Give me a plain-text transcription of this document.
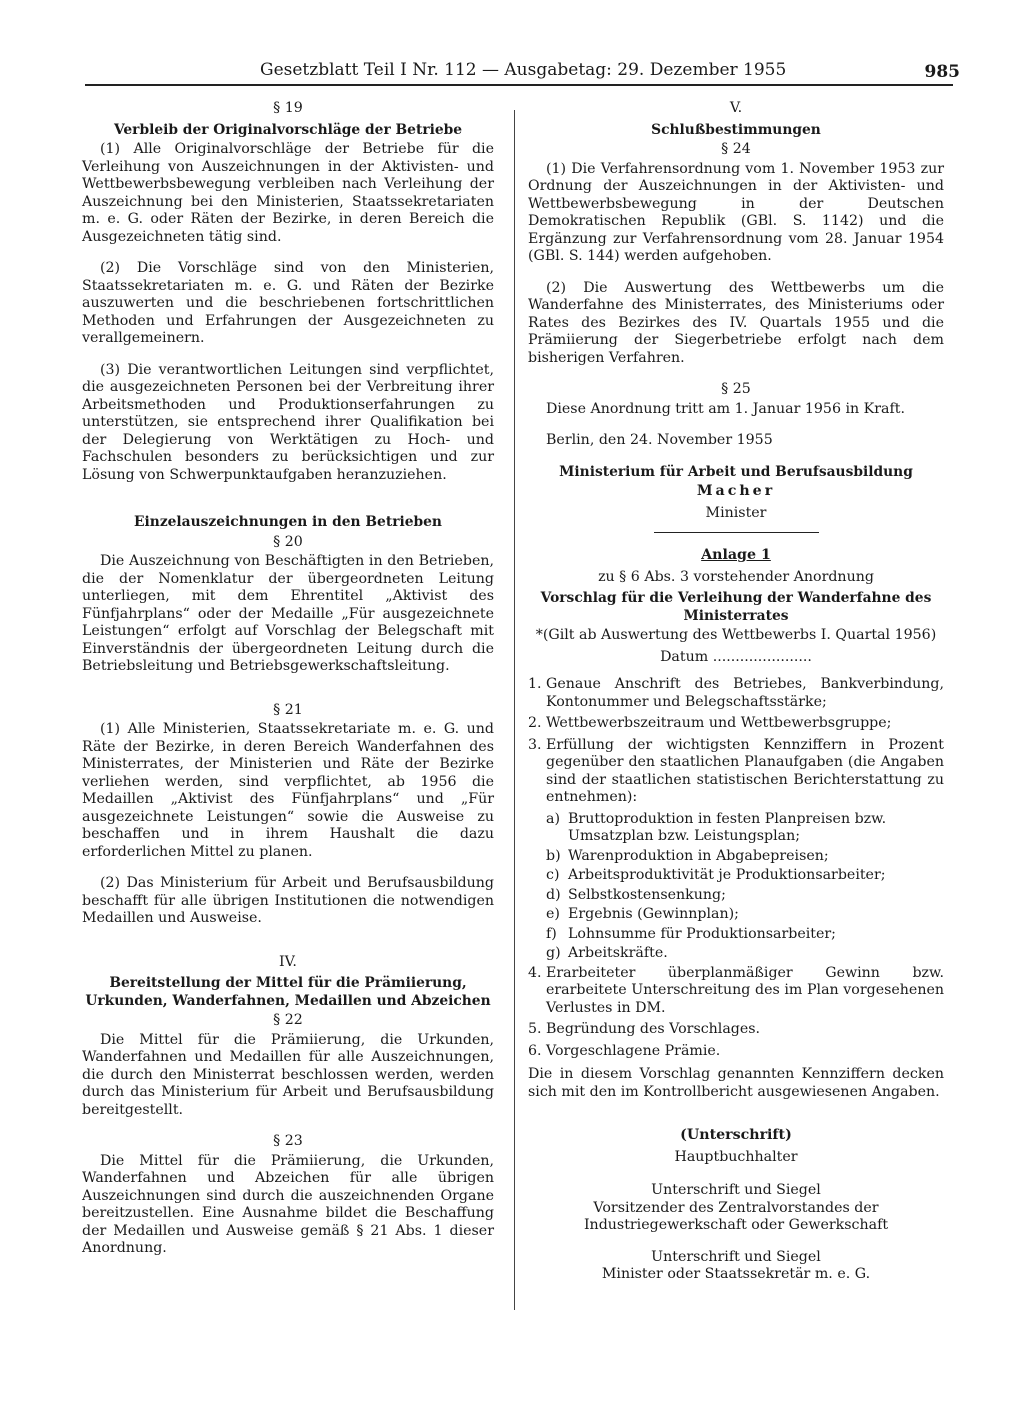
Gesetzblatt Teil I Nr. 112 — Ausgabetag: 29. Dezember 1955	985
§ 19
Verbleib der Originalvorschläge der Betriebe

(1) Alle Originalvorschläge der Betriebe für die Verleihung von Auszeichnungen in der Aktivisten- und Wettbewerbsbewegung verbleiben nach Verleihung der Auszeichnung bei den Ministerien, Staatssekretariaten m. e. G. oder Räten der Bezirke, in deren Bereich die Ausgezeichneten tätig sind.

(2) Die Vorschläge sind von den Ministerien, Staatssekretariaten m. e. G. und Räten der Bezirke auszuwerten und die beschriebenen fortschrittlichen Methoden und Erfahrungen der Ausgezeichneten zu verallgemeinern.

(3) Die verantwortlichen Leitungen sind verpflichtet, die ausgezeichneten Personen bei der Verbreitung ihrer Arbeitsmethoden und Produktionserfahrungen zu unterstützen, sie entsprechend ihrer Qualifikation bei der Delegierung von Werktätigen zu Hoch- und Fachschulen besonders zu berücksichtigen und zur Lösung von Schwerpunktaufgaben heranzuziehen.

Einzelauszeichnungen in den Betrieben
§ 20

Die Auszeichnung von Beschäftigten in den Betrieben, die der Nomenklatur der übergeordneten Leitung unterliegen, mit dem Ehrentitel „Aktivist des Fünfjahrplans“ oder der Medaille „Für ausgezeichnete Leistungen“ erfolgt auf Vorschlag der Belegschaft mit Einverständnis der übergeordneten Leitung durch die Betriebsleitung und Betriebsgewerkschaftsleitung.

§ 21

(1) Alle Ministerien, Staatssekretariate m. e. G. und Räte der Bezirke, in deren Bereich Wanderfahnen des Ministerrates, der Ministerien und Räte der Bezirke verliehen werden, sind verpflichtet, ab 1956 die Medaillen „Aktivist des Fünfjahrplans“ und „Für ausgezeichnete Leistungen“ sowie die Ausweise zu beschaffen und in ihrem Haushalt die dazu erforderlichen Mittel zu planen.

(2) Das Ministerium für Arbeit und Berufsausbildung beschafft für alle übrigen Institutionen die notwendigen Medaillen und Ausweise.

IV.
Bereitstellung der Mittel für die Prämiierung, Urkunden, Wanderfahnen, Medaillen und Abzeichen
§ 22

Die Mittel für die Prämiierung, die Urkunden, Wanderfahnen und Medaillen für alle Auszeichnungen, die durch den Ministerrat beschlossen werden, werden durch das Ministerium für Arbeit und Berufsausbildung bereitgestellt.

§ 23

Die Mittel für die Prämiierung, die Urkunden, Wanderfahnen und Abzeichen für alle übrigen Auszeichnungen sind durch die auszeichnenden Organe bereitzustellen. Eine Ausnahme bildet die Beschaffung der Medaillen und Ausweise gemäß § 21 Abs. 1 dieser Anordnung.

V.
Schlußbestimmungen
§ 24

(1) Die Verfahrensordnung vom 1. November 1953 zur Ordnung der Auszeichnungen in der Aktivisten- und Wettbewerbsbewegung in der Deutschen Demokratischen Republik (GBl. S. 1142) und die Ergänzung zur Verfahrensordnung vom 28. Januar 1954 (GBl. S. 144) werden aufgehoben.

(2) Die Auswertung des Wettbewerbs um die Wanderfahne des Ministerrates, des Ministeriums oder Rates des Bezirkes des IV. Quartals 1955 und die Prämiierung der Siegerbetriebe erfolgt nach dem bisherigen Verfahren.

§ 25

Diese Anordnung tritt am 1. Januar 1956 in Kraft.

Berlin, den 24. November 1955

Ministerium für Arbeit und Berufsausbildung
Macher
Minister
Anlage 1
zu § 6 Abs. 3 vorstehender Anordnung
Vorschlag für die Verleihung der Wanderfahne des Ministerrates
*(Gilt ab Auswertung des Wettbewerbs I. Quartal 1956)
Datum ......................
1. Genaue Anschrift des Betriebes, Bankverbindung, Kontonummer und Belegschaftsstärke;
2. Wettbewerbszeitraum und Wettbewerbsgruppe;
3. Erfüllung der wichtigsten Kennziffern in Prozent gegenüber den staatlichen Planaufgaben (die Angaben sind der staatlichen statistischen Berichterstattung zu entnehmen):
a) Bruttoproduktion in festen Planpreisen bzw. Umsatzplan bzw. Leistungsplan;
b) Warenproduktion in Abgabepreisen;
c) Arbeitsproduktivität je Produktionsarbeiter;
d) Selbstkostensenkung;
e) Ergebnis (Gewinnplan);
f) Lohnsumme für Produktionsarbeiter;
g) Arbeitskräfte.
4. Erarbeiteter überplanmäßiger Gewinn bzw. erarbeitete Unterschreitung des im Plan vorgesehenen Verlustes in DM.
5. Begründung des Vorschlages.
6. Vorgeschlagene Prämie.

Die in diesem Vorschlag genannten Kennziffern decken sich mit den im Kontrollbericht ausgewiesenen Angaben.

(Unterschrift)
Hauptbuchhalter
Unterschrift und Siegel
Vorsitzender des Zentralvorstandes der Industriegewerkschaft oder Gewerkschaft
Unterschrift und Siegel
Minister oder Staatssekretär m. e. G.
